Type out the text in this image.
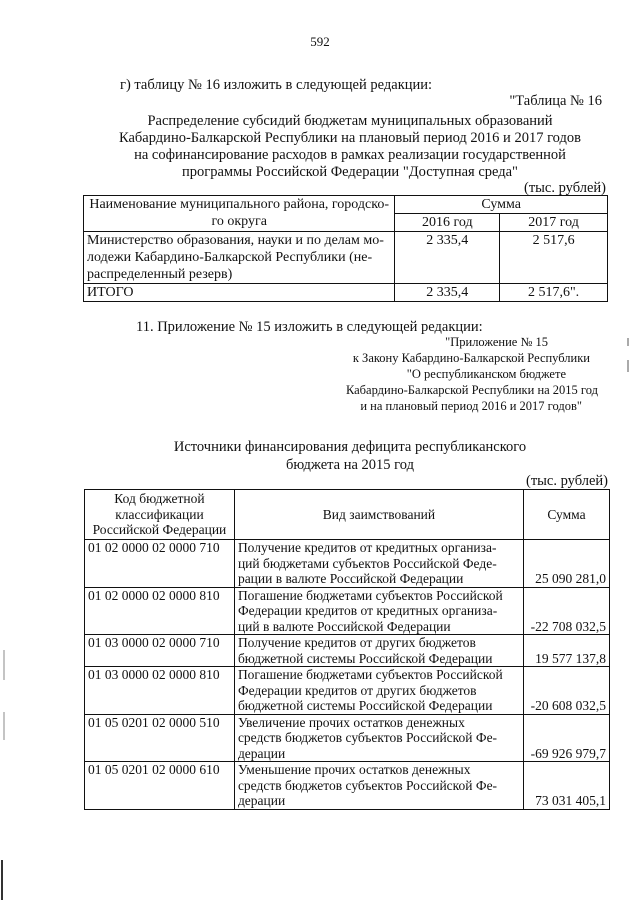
592
г) таблицу № 16 изложить в следующей редакции:
"Таблица № 16
Распределение субсидий бюджетам муниципальных образований
Кабардино-Балкарской Республики на плановый период 2016 и 2017 годов
на софинансирование расходов в рамках реализации государственной
программы Российской Федерации "Доступная среда"
(тыс. рублей)
Наименование муниципального района, городско-
го округа	Сумма	
	2016 год	2017 год

Министерство образования, науки и по делам мо-
лодежи Кабардино-Балкарской Республики (не-
распределенный резерв)	2 335,4	2 517,6
ИТОГО	2 335,4	2 517,6".
11. Приложение № 15 изложить в следующей редакции:
"Приложение № 15
к Закону Кабардино-Балкарской Республики
"О республиканском бюджете
Кабардино-Балкарской Республики на 2015 год
и на плановый период 2016 и 2017 годов"
Источники финансирования дефицита республиканского
бюджета на 2015 год
(тыс. рублей)
Код бюджетной
классификации
Российской Федерации	Вид заимствований	Сумма
01 02 0000 02 0000 710	Получение кредитов от кредитных организа-
ций бюджетами субъектов Российской Феде-
рации в валюте Российской Федерации	25 090 281,0
01 02 0000 02 0000 810	Погашение бюджетами субъектов Российской
Федерации кредитов от кредитных организа-
ций в валюте Российской Федерации	-22 708 032,5
01 03 0000 02 0000 710	Получение кредитов от других бюджетов
бюджетной системы Российской Федерации	19 577 137,8
01 03 0000 02 0000 810	Погашение бюджетами субъектов Российской
Федерации кредитов от других бюджетов
бюджетной системы Российской Федерации	-20 608 032,5
01 05 0201 02 0000 510	Увеличение прочих остатков денежных
средств бюджетов субъектов Российской Фе-
дерации	-69 926 979,7
01 05 0201 02 0000 610	Уменьшение прочих остатков денежных
средств бюджетов субъектов Российской Фе-
дерации	73 031 405,1
